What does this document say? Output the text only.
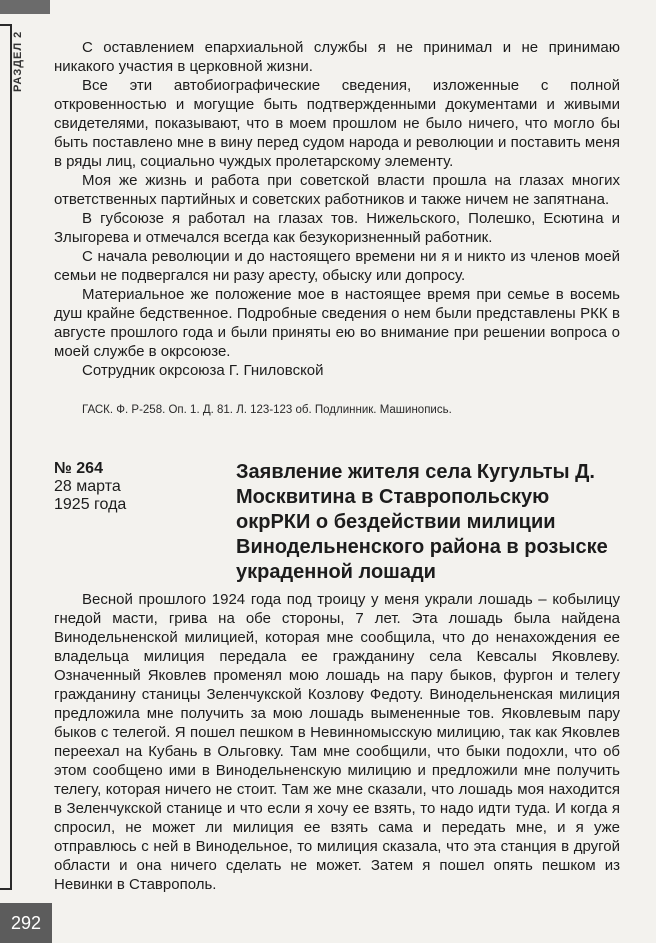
РАЗДЕЛ 2	С оставлением епархиальной службы я не принимал и не принимаю никакого участия в церковной жизни.

Все эти автобиографические сведения, изложенные с полной откровенностью и могущие быть подтвержденными документами и живыми свидетелями, показывают, что в моем прошлом не было ничего, что могло бы быть поставлено мне в вину перед судом народа и революции и поставить меня в ряды лиц, социально чуждых пролетарскому элементу.

Моя же жизнь и работа при советской власти прошла на глазах многих ответственных партийных и советских работников и также ничем не запятнана.

В губсоюзе я работал на глазах тов. Нижельского, Полешко, Есютина и Злыгорева и отмечался всегда как безукоризненный работник.

С начала революции и до настоящего времени ни я и никто из членов моей семьи не подвергался ни разу аресту, обыску или допросу.

Материальное же положение мое в настоящее время при семье в восемь душ крайне бедственное. Подробные сведения о нем были представлены РКК в августе прошлого года и были приняты ею во внимание при решении вопроса о моей службе в окрсоюзе.

Сотрудник окрсоюза Г. Гниловской

ГАСК. Ф. Р-258. Оп. 1. Д. 81. Л. 123-123 об. Подлинник. Машинопись.
№ 264
28 марта
1925 года
Заявление жителя села Кугульты Д. Москвитина в Ставропольскую окрРКИ о бездействии милиции Винодельненского района в розыске украденной лошади

Весной прошлого 1924 года под троицу у меня украли лошадь – кобылицу гнедой масти, грива на обе стороны, 7 лет. Эта лошадь была найдена Винодельненской милицией, которая мне сообщила, что до ненахождения ее владельца милиция передала ее гражданину села Кевсалы Яковлеву. Означенный Яковлев променял мою лошадь на пару быков, фургон и телегу гражданину станицы Зеленчукской Козлову Федоту. Винодельненская милиция предложила мне получить за мою лошадь вымененные тов. Яковлевым пару быков с телегой. Я пошел пешком в Невинномысскую милицию, так как Яковлев переехал на Кубань в Ольговку. Там мне сообщили, что быки подохли, что об этом сообщено ими в Винодельненскую милицию и предложили мне получить телегу, которая ничего не стоит. Там же мне сказали, что лошадь моя находится в Зеленчукской станице и что если я хочу ее взять, то надо идти туда. И когда я спросил, не может ли милиция ее взять сама и передать мне, и я уже отправлюсь с ней в Винодельное, то милиция сказала, что эта станция в другой области и она ничего сделать не может. Затем я пошел опять пешком из Невинки в Ставрополь.

292
